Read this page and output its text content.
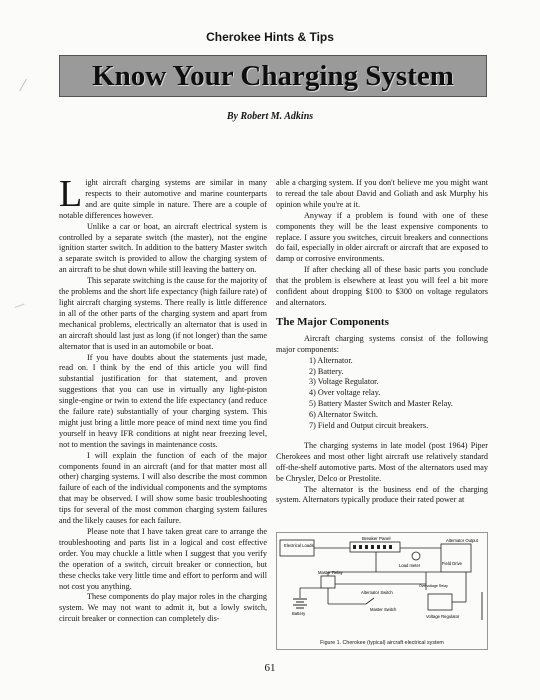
Cherokee Hints & Tips
Know Your Charging System
By Robert M. Adkins

Light aircraft charging systems are similar in many respects to their automotive and marine counterparts and are quite simple in nature. There are a couple of notable differences however.

Unlike a car or boat, an aircraft electrical system is controlled by a separate switch (the master), not the engine ignition starter switch. In addition to the battery Master switch a separate switch is provided to allow the charging system of an aircraft to be shut down while still leaving the battery on.

This separate switching is the cause for the majority of the problems and the short life expectancy (high failure rate) of light aircraft charging systems. There really is little difference in all of the other parts of the charging system and apart from mechanical problems, electrically an alternator that is used in an aircraft should last just as long (if not longer) than the same alternator that is used in an automobile or boat.

If you have doubts about the statements just made, read on. I think by the end of this article you will find substantial justification for that statement, and proven suggestions that you can use in virtually any light-piston single-engine or twin to extend the life expectancy (and reduce the failure rate) substantially of your charging system. This might just bring a little more peace of mind next time you find yourself in heavy IFR conditions at night near freezing level, not to mention the savings in maintenance costs.

I will explain the function of each of the major components found in an aircraft (and for that matter most all other) charging systems. I will also describe the most common failure of each of the individual components and the symptoms that may be observed. I will show some basic troubleshooting tips for several of the most common charging system failures and the likely causes for each failure.

Please note that I have taken great care to arrange the troubleshooting and parts list in a logical and cost effective order. You may chuckle a little when I suggest that you verify the operation of a switch, circuit breaker or connection, but these checks take very little time and effort to perform and will not cost you anything.

These components do play major roles in the charging system. We may not want to admit it, but a lowly switch, circuit breaker or connection can completely dis-

able a charging system. If you don't believe me you might want to reread the tale about David and Goliath and ask Murphy his opinion while you're at it.

Anyway if a problem is found with one of these components they will be the least expensive components to replace. I assure you switches, circuit breakers and connections do fail, especially in older aircraft or aircraft that are exposed to damp or corrosive environments.

If after checking all of these basic parts you conclude that the problem is elsewhere at least you will feel a bit more confident about dropping $100 to $300 on voltage regulators and alternators.

The Major Components

Aircraft charging systems consist of the following major components:

1) Alternator.
2) Battery.
3) Voltage Regulator.
4) Over voltage relay.
5) Battery Master Switch and Master Relay.
6) Alternator Switch.
7) Field and Output circuit breakers.

The charging systems in late model (post 1964) Piper Cherokees and most other light aircraft use relatively standard off-the-shelf automotive parts. Most of the alternators used may be Chrysler, Delco or Prestolite.

The alternator is the business end of the charging system. Alternators typically produce their rated power at

Breaker Panel
Electrical Loads
Alternator Output
Load meter	Field Drive
Overvoltage Relay
Master Relay
Alternator Switch
Battery
Master Switch
Voltage Regulator
Figure 1. Cherokee (typical) aircraft electrical system
61
